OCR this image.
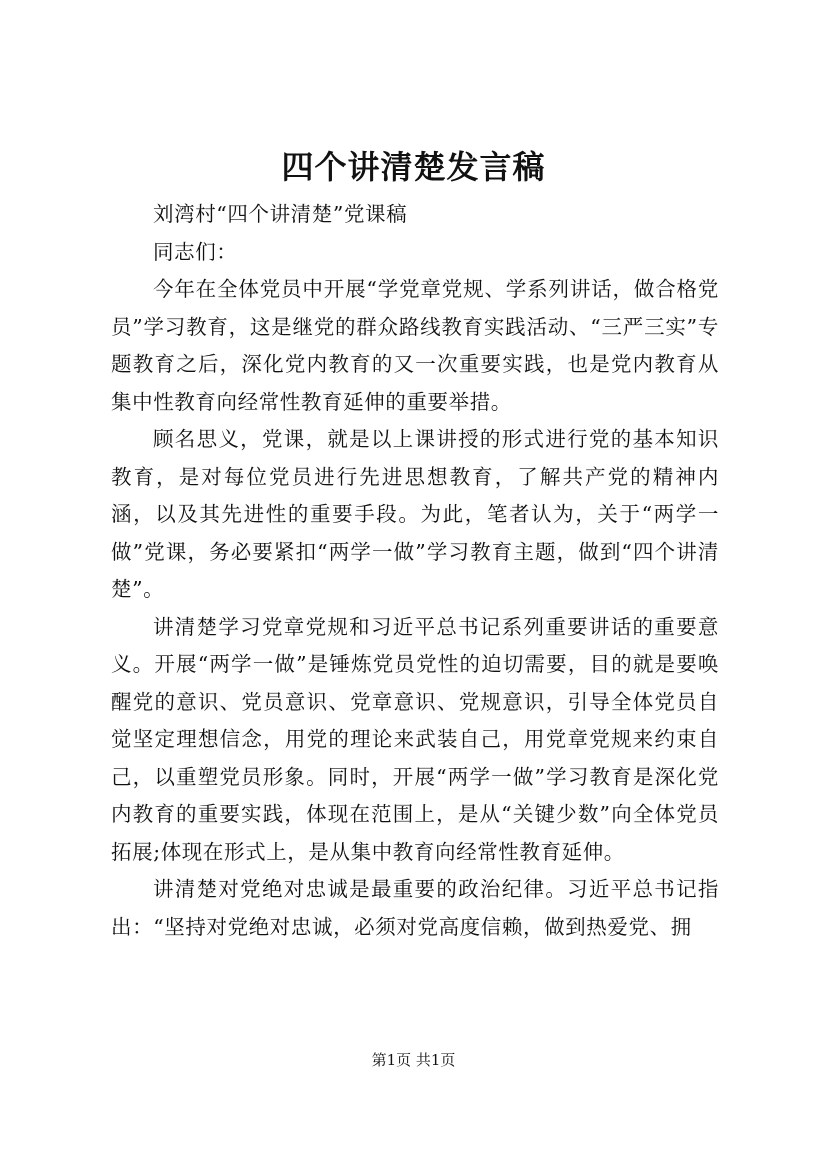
四个讲清楚发言稿

刘湾村“四个讲清楚”党课稿

同志们：

今年在全体党员中开展“学党章党规、学系列讲话，做合格党员”学习教育，这是继党的群众路线教育实践活动、“三严三实”专题教育之后，深化党内教育的又一次重要实践，也是党内教育从集中性教育向经常性教育延伸的重要举措。

顾名思义，党课，就是以上课讲授的形式进行党的基本知识教育，是对每位党员进行先进思想教育，了解共产党的精神内涵，以及其先进性的重要手段。为此，笔者认为，关于“两学一做”党课，务必要紧扣“两学一做”学习教育主题，做到“四个讲清楚”。

讲清楚学习党章党规和习近平总书记系列重要讲话的重要意义。开展“两学一做”是锤炼党员党性的迫切需要，目的就是要唤醒党的意识、党员意识、党章意识、党规意识，引导全体党员自觉坚定理想信念，用党的理论来武装自己，用党章党规来约束自己，以重塑党员形象。同时，开展“两学一做”学习教育是深化党内教育的重要实践，体现在范围上，是从“关键少数”向全体党员拓展;体现在形式上，是从集中教育向经常性教育延伸。

讲清楚对党绝对忠诚是最重要的政治纪律。习近平总书记指出：“坚持对党绝对忠诚，必须对党高度信赖，做到热爱党、拥

第1页 共1页
